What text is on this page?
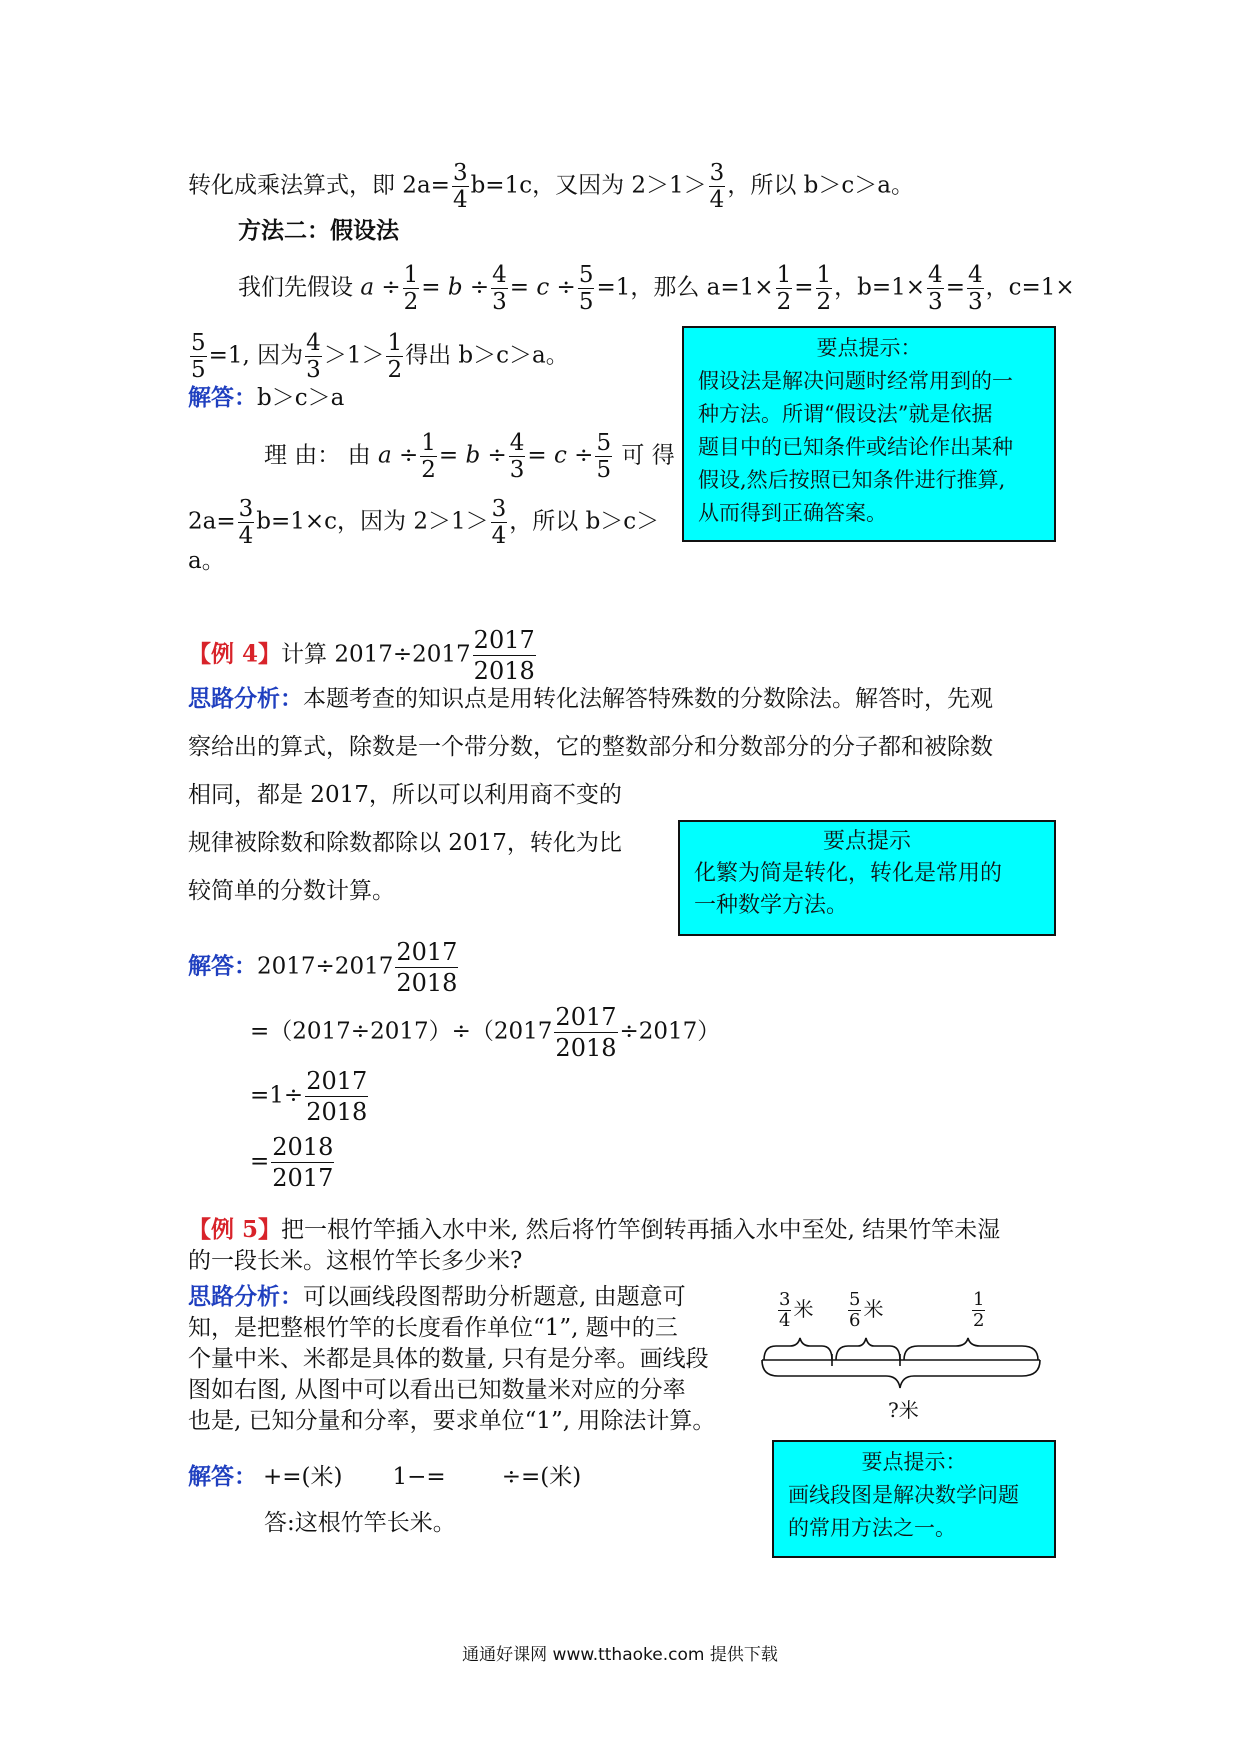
转化成乘法算式，即 $2a= \frac{3}{4} b=1c$，又因为 $2>1> \frac{3}{4}$ ，所以 b＞c＞a。
方法二：假设法
我们先假设 $a \div \frac{1}{2} = b \div \frac{4}{3} = c \div \frac{5}{5} =1$，那么 $a=1\times \frac{1}{2} = \frac{1}{2}$ ，$b=1\times \frac{4}{3} = \frac{4}{3}$ ，c=1×
$\frac{5}{5} =1$, 因为 $\frac{4}{3} >1> \frac{1}{2}$ 得出 b＞c＞a。
解答：b＞c＞a
理 由： 由 $a \div \frac{1}{2} = b \div \frac{4}{3} = c \div \frac{5}{5}$ 可 得
$2a= \frac{3}{4} b=1\times c$，因为 $2>1> \frac{3}{4}$ ，所以 b＞c＞
a。
要点提示：
假设法是解决问题时经常用到的一
种方法。所谓“假设法”就是依据
题目中的已知条件或结论作出某种
假设,然后按照已知条件进行推算,
从而得到正确答案。
【例 4】计算 $2017\div 2017 \frac{2017}{2018}$
思路分析：本题考查的知识点是用转化法解答特殊数的分数除法。解答时，先观
察给出的算式，除数是一个带分数，它的整数部分和分数部分的分子都和被除数
相同，都是 2017，所以可以利用商不变的
规律被除数和除数都除以 2017，转化为比
较简单的分数计算。
要点提示
化繁为简是转化，转化是常用的
一种数学方法。
解答：$2017\div 2017 \frac{2017}{2018}$
$=(2017\div 2017)\div(2017 \frac{2017}{2018} \div 2017)$
$=1\div \frac{2017}{2018}$
= $\frac{2018}{2017}$
【例 5】把一根竹竿插入水中米, 然后将竹竿倒转再插入水中至处, 结果竹竿未湿
的一段长米。这根竹竿长多少米?
思路分析：可以画线段图帮助分析题意, 由题意可
知，是把整根竹竿的长度看作单位“1”, 题中的三
个量中米、米都是具体的数量, 只有是分率。画线段
图如右图, 从图中可以看出已知数量米对应的分率
也是, 已知分量和分率，要求单位“1”, 用除法计算。
$\frac{3}{4}$ 米 $\frac{5}{6}$ 米	$\frac{1}{2}$
?米
解答： +=(米) 1−= ÷=(米)
答:这根竹竿长米。
要点提示：
画线段图是解决数学问题
的常用方法之一。
通通好课网 www.tthaoke.com 提供下载
